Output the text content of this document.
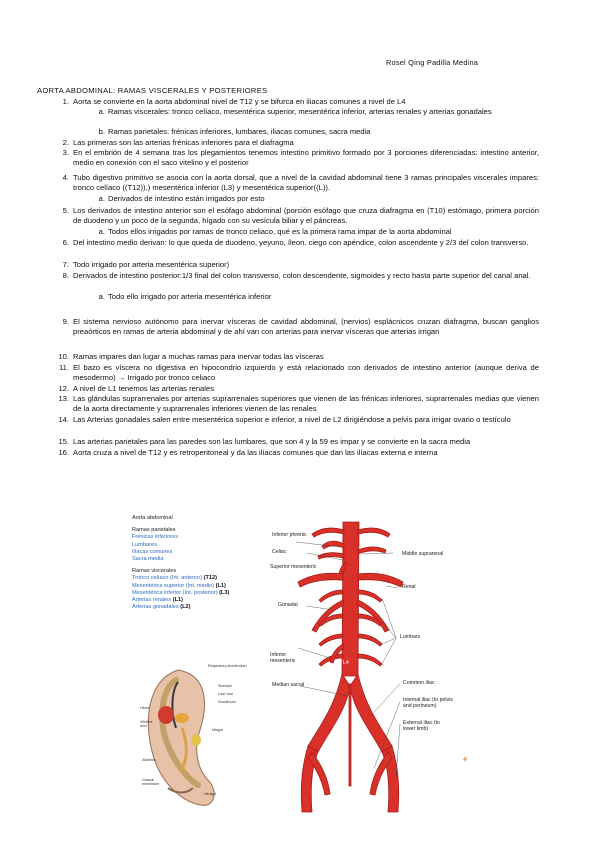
Rosel Qing Padilla Medina
AORTA ABDOMINAL: RAMAS VISCERALES Y POSTERIORES
1. Aorta se convierte en la aorta abdominal nivel de T12 y se bifurca en iliacas comunes a nivel de L4
a. Ramas viscerales: tronco celíaco, mesentérica superior, mesentérica inferior, arterias renales y arterias gonadales
b. Ramas parietales: frénicas inferiores, lumbares, iliacas comunes, sacra media
2. Las primeras son las arterias frénicas inferiores para el diafragma
3. En el embrión de 4 semana tras los plegamientos tenemos intestino primitivo formado por 3 porciones diferenciadas: intestino anterior, medio en conexión con el saco vitelino y el posterior
4. Tubo digestivo primitivo se asocia con la aorta dorsal, que a nivel de la cavidad abdominal tiene 3 ramas principales viscerales impares: tronco celíaco ((T12)),) mesentérica inferior (L3) y mesentérica superior((L)).
a. Derivados de intestino están irrigados por esto
5. Los derivados de intestino anterior son el esófago abdominal (porción esófago que cruza diafragma en (T10) estómago, primera porción de duodeno y un poco de la segunda, hígado con su vesícula biliar y el páncreas.
a. Todos ellos irrigados por ramas de tronco celiaco, qué es la primera rama impar de la aorta abdominal
6. Del intestino medio derivan: lo que queda de duodeno, yeyuno, íleon. ciego con apéndice, colon ascendente y 2/3 del colon transverso.
7. Todo irrigado por arteria mesentérica superior)
8. Derivados de intestino posterior:1/3 final del colon transverso, colon descendente, sigmoides y recto hasta parte superior del canal anal.
a. Todo ello irrigado por arteria mesentérica inferior
9. El sistema nervioso autónomo para inervar vísceras de cavidad abdominal, (nervios) esplácnicos cruzan diafragma, buscan ganglios preaórticos en ramas de arteria abdominal y de ahí van con arterias para inervar vísceras que arterias irrigan
10. Ramas impares dan lugar a muchas ramas para inervar todas las vísceras
11. El bazo es víscera no digestiva en hipocondrio izquierdo y está relacionado con derivados de intestino anterior (aunque deriva de mesodermo) → Irrigado por tronco celiaco
12. A nivel de L1 tenemos las arterias renales
13. Las glándulas suprarrenales por arterias suprarrenales superiores que vienen de las frénicas inferiores, suprarrenales medias que vienen de la aorta directamente y suprarrenales inferiores vienen de las renales
14. Las Arterias gonadales salen entre mesentérica superior e inferior, a nivel de L2 dirigiéndose a pelvis para irrigar ovario o testículo
15. Las arterias parietales para las paredes son las lumbares, que son 4 y la 59 es impar y se convierte en la sacra media
16. Aorta cruza a nivel de T12 y es retroperitoneal y da las ilíacas comunes que dan las ilíacas externa e interna
Aorta abdominal
Ramas parietales
Frénicas inferiores
Lumbares
Ilíacas comunes
Sacra media
Ramas viscerales
Tronco celíaco (Int. anterior) (T12)
Mesentérica superior (Int. medio) (L1)
Mesentérica inferior (Int. posterior) (L3)
Arterias renales (L1)
Arterias gonadales (L2)
Respiratory diverticulum
Heart
Stomach
Liver bud
Duodenum
Vitelline duct
Midgut
Allantois
Cloacal membrane
Hindgut
Inferior phrenic
Celiac	Middle suprarenal
Superior mesenteric
Renal
Gonadal
Lumbars
Inferior mesenteric	L4
Median sacral	Common iliac
Internal iliac (to pelvis and perineum)
External iliac (to lower limb)
⚘
